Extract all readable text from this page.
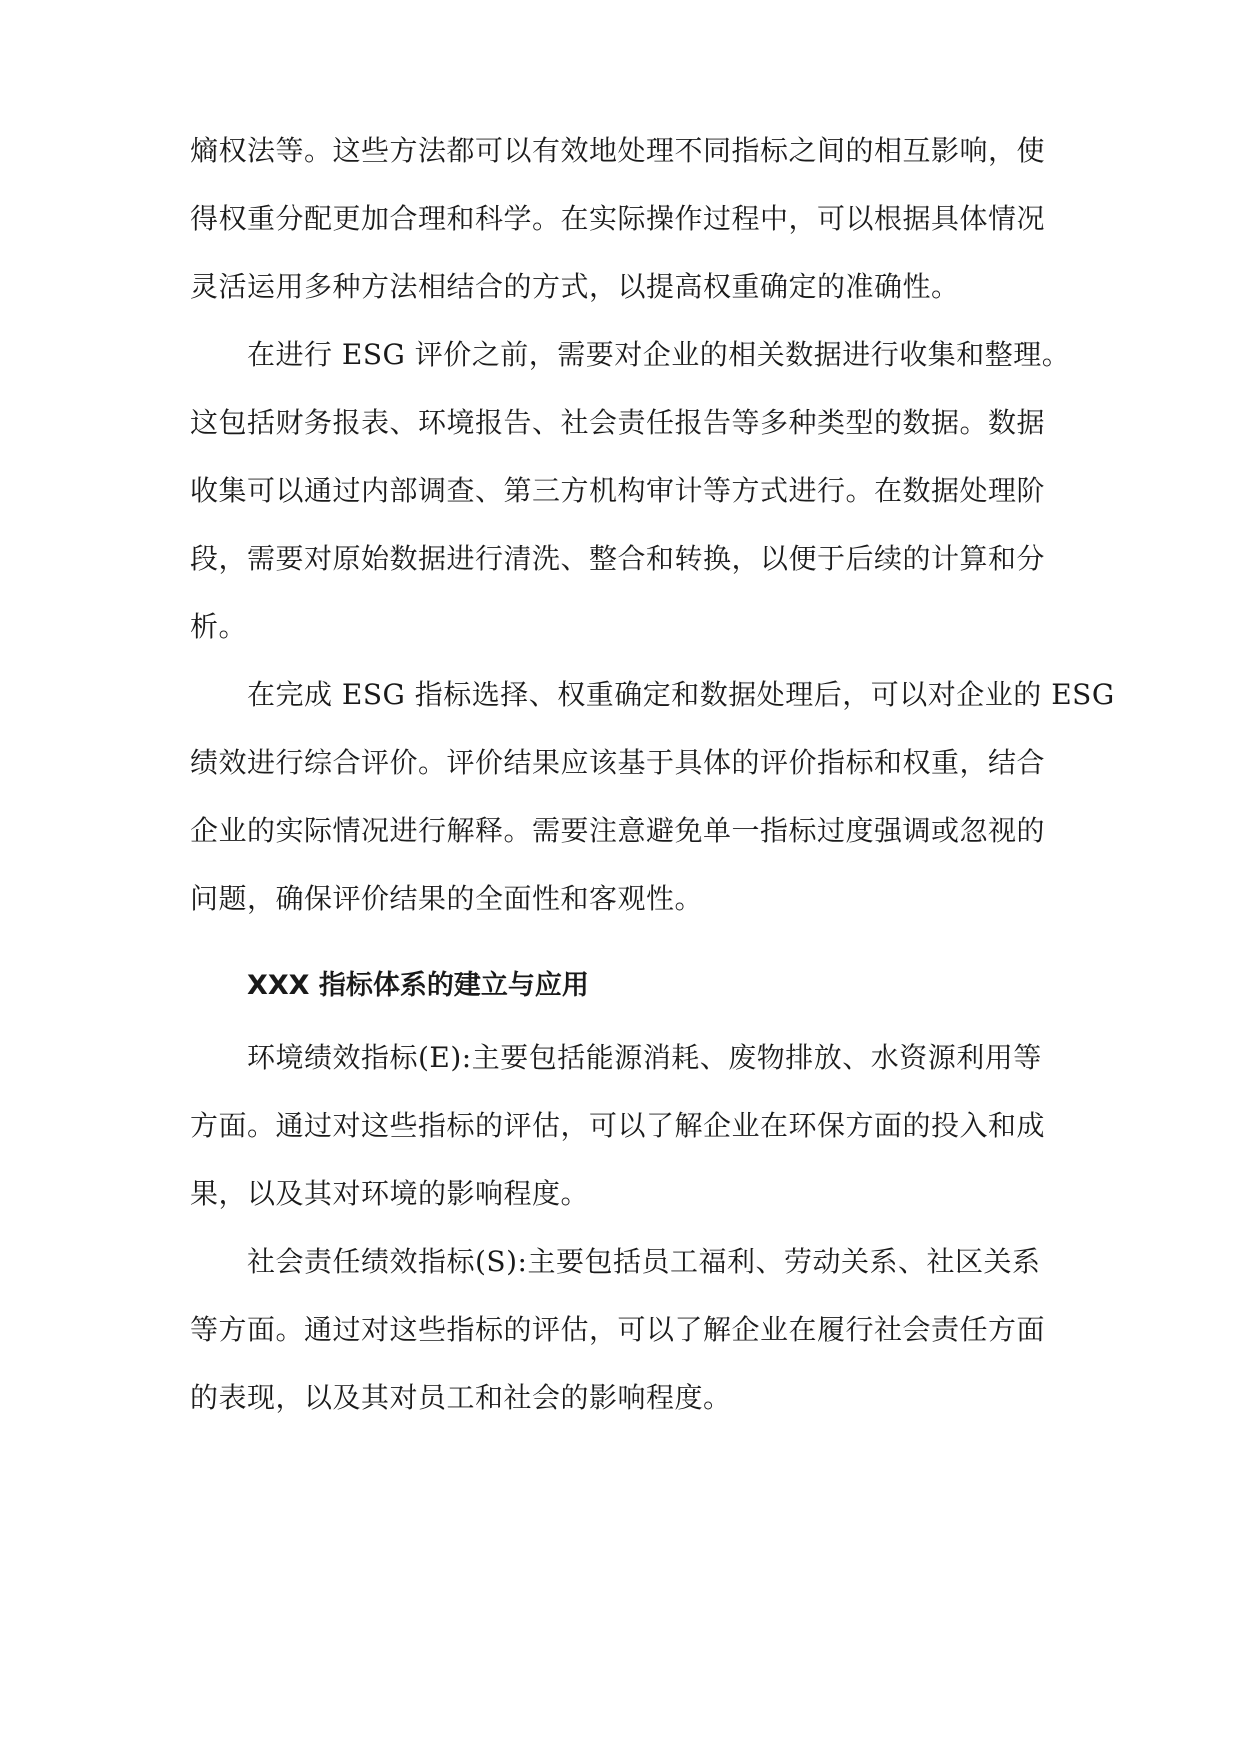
熵权法等。这些方法都可以有效地处理不同指标之间的相互影响，使
得权重分配更加合理和科学。在实际操作过程中，可以根据具体情况
灵活运用多种方法相结合的方式，以提高权重确定的准确性。
在进行 ESG 评价之前，需要对企业的相关数据进行收集和整理。
这包括财务报表、环境报告、社会责任报告等多种类型的数据。数据
收集可以通过内部调查、第三方机构审计等方式进行。在数据处理阶
段，需要对原始数据进行清洗、整合和转换，以便于后续的计算和分
析。
在完成 ESG 指标选择、权重确定和数据处理后，可以对企业的 ESG
绩效进行综合评价。评价结果应该基于具体的评价指标和权重，结合
企业的实际情况进行解释。需要注意避免单一指标过度强调或忽视的
问题，确保评价结果的全面性和客观性。
XXX 指标体系的建立与应用
环境绩效指标(E):主要包括能源消耗、废物排放、水资源利用等
方面。通过对这些指标的评估，可以了解企业在环保方面的投入和成
果，以及其对环境的影响程度。
社会责任绩效指标(S):主要包括员工福利、劳动关系、社区关系
等方面。通过对这些指标的评估，可以了解企业在履行社会责任方面
的表现，以及其对员工和社会的影响程度。
